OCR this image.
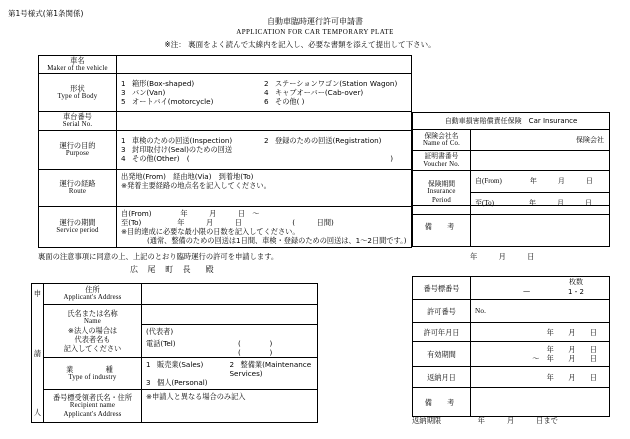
第1号様式(第1条関係)
自動車臨時運行許可申請書
APPLICATION FOR CAR TEMPORARY PLATE
※注： 裏面をよく読んで太線内を記入し、必要な書類を添えて提出して下さい。
車名
Maker of the vehicle	

形状
Type of Body

1 箱形(Box-shaped)	2 ステーションワゴン(Station Wagon)
3 バン(Van)	4 キャブオーバー(Cab-over)
5 オートバイ(motorcycle)	6 その他( )

車台番号
Serial No.	

運行の目的
Purpose

1 車検のための回送(Inspection)	2 登録のための回送(Registration)
3 封印取付け(Seal)のための回送
4 その他(Other)　(	)

運行の経路
Route

出発地(From)　経由地(Via)　到着地(To)
※発着主要経路の地点名を記入してください。

運行の期間
Service period

自(From)　　　　年　　　月　　　日　～
至(To)　　　　　年　　　月　　　日　　　　　　　(　　　日間)
※目的達成に必要な最小限の日数を記入してください。
(通常、整備のための回送は1日間、車検・登録のための回送は、1～2日間です。)
自動車損害賠償責任保険　Car Insurance	
保険会社名
Name of Co.	保険会社
証明書番号
Voucher No.	

保険期間
Insurance
Period	自(From)　　　　年　　　月　　　日
	至(To)　　　　　年　　　月　　　日
備　考	
裏面の注意事項に同意の上、上記のとおり臨時運行の許可を申請します。	年　月　日
広 尾 町 長　殿
申
請
人	住所
Applicant's Address	

氏名または名称
Name
※法人の場合は
代表者名も
記入してください

(代表者)
電話(Tel)	(　　　　)
(　　　　)

業　　種
Type of industry

1 販売業(Sales)	2 整備業(Maintenance Services)
3 個人(Personal)

	番号標受領者氏名・住所
Recipient name
Applicant's Address	※申請人と異なる場合のみ記入
番号標番号	—
枚数
1・2

許可番号	No.
許可年月日	年　　月　　日
有効期間	年　　月　　日
～　年　　月　　日

返納月日	年　　月　　日
備　考	
返納期限　　　　　年　　　月　　　日まで
